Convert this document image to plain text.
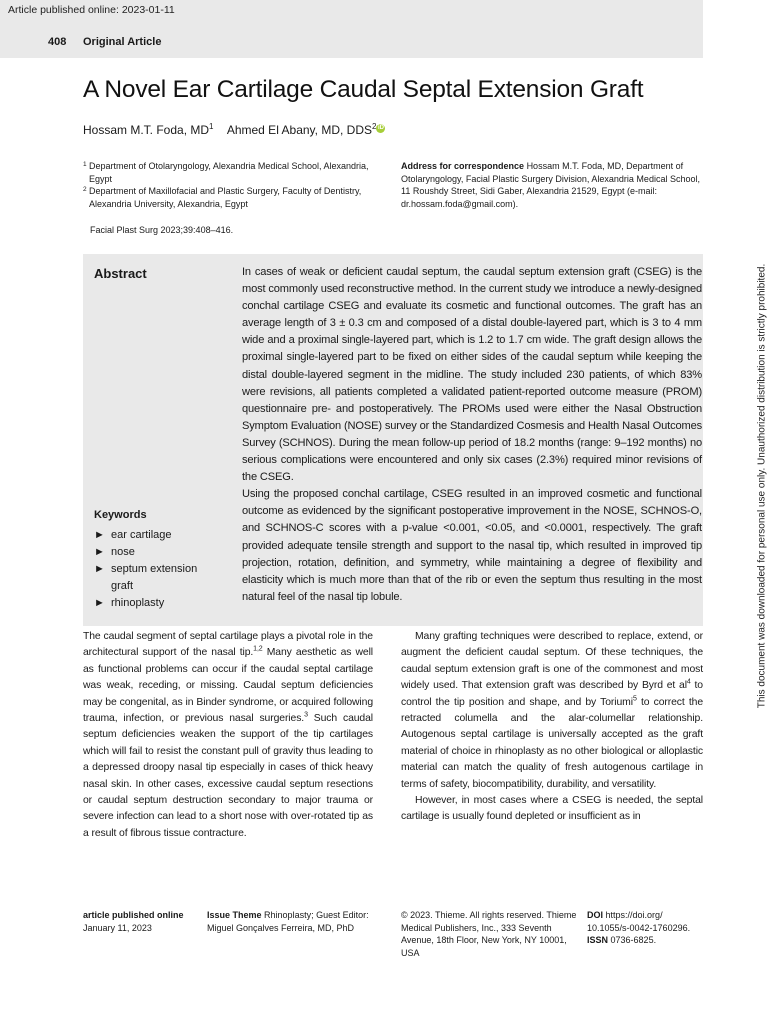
Article published online: 2023-01-11
408 Original Article
A Novel Ear Cartilage Caudal Septal Extension Graft
Hossam M.T. Foda, $MD^1$ Ahmed El Abany, MD, DDS$^2$ iD
1 Department of Otolaryngology, Alexandria Medical School, Alexandria, Egypt
2 Department of Maxillofacial and Plastic Surgery, Faculty of Dentistry, Alexandria University, Alexandria, Egypt
Address for correspondence Hossam M.T. Foda, MD, Department of Otolaryngology, Facial Plastic Surgery Division, Alexandria Medical School, 11 Roushdy Street, Sidi Gaber, Alexandria 21529, Egypt (e-mail: dr.hossam.foda@gmail.com).
Facial Plast Surg 2023;39:408–416.
Abstract	In cases of weak or deficient caudal septum, the caudal septum extension graft (CSEG) is the most commonly used reconstructive method. In the current study we introduce a newly-designed conchal cartilage CSEG and evaluate its cosmetic and functional outcomes. The graft has an average length of 3 ± 0.3 cm and composed of a distal double-layered part, which is 3 to 4 mm wide and a proximal single-layered part, which is 1.2 to 1.7 cm wide. The graft design allows the proximal single-layered part to be fixed on either sides of the caudal septum while keeping the distal double-layered segment in the midline. The study included 230 patients, of which 83% were revisions, all patients completed a validated patient-reported outcome measure (PROM) questionnaire pre- and postoperatively. The PROMs used were either the Nasal Obstruction Symptom Evaluation (NOSE) survey or the Standardized Cosmesis and Health Nasal Outcomes Survey (SCHNOS). During the mean follow-up period of 18.2 months (range: 9–192 months) no serious complications were encountered and only six cases (2.3%) required minor revisions of the CSEG.

Using the proposed conchal cartilage, CSEG resulted in an improved cosmetic and functional outcome as evidenced by the significant postoperative improvement in the NOSE, SCHNOS-O, and SCHNOS-C scores with a p-value <0.001, <0.05, and <0.0001, respectively. The graft provided adequate tensile strength and support to the nasal tip, which resulted in improved tip projection, rotation, definition, and symmetry, while maintaining a degree of flexibility and elasticity which is much more than that of the rib or even the septum thus resulting in the most natural feel of the nasal tip lobule.

Keywords
► ear cartilage
► nose
► septum extension
graft
► rhinoplasty

The caudal segment of septal cartilage plays a pivotal role in the architectural support of the nasal tip.$^{1,2}$ Many aesthetic as well as functional problems can occur if the caudal septal cartilage was weak, receding, or missing. Caudal septum deficiencies may be congenital, as in Binder syndrome, or acquired following trauma, infection, or previous nasal surgeries.$^3$ Such caudal septum deficiencies weaken the support of the tip cartilages which will fail to resist the constant pull of gravity thus leading to a depressed droopy nasal tip especially in cases of thick heavy nasal skin. In other cases, excessive caudal septum resections or caudal septum destruction secondary to major trauma or severe infection can lead to a short nose with over-rotated tip as a result of fibrous tissue contracture.

Many grafting techniques were described to replace, extend, or augment the deficient caudal septum. Of these techniques, the caudal septum extension graft is one of the commonest and most widely used. That extension graft was described by Byrd et $al^4$ to control the tip position and shape, and by Toriumi$^5$ to correct the retracted columella and the alar-columellar relationship. Autogenous septal cartilage is universally accepted as the graft material of choice in rhinoplasty as no other biological or alloplastic material can match the quality of fresh autogenous cartilage in terms of safety, biocompatibility, durability, and versatility.

However, in most cases where a CSEG is needed, the septal cartilage is usually found depleted or insufficient as in

article published online
January 11, 2023
Issue Theme Rhinoplasty; Guest Editor: Miguel Gonçalves Ferreira, MD, PhD
© 2023. Thieme. All rights reserved. Thieme Medical Publishers, Inc., 333 Seventh Avenue, 18th Floor, New York, NY 10001, USA
DOI https://doi.org/ 10.1055/s-0042-1760296.
ISSN 0736-6825.
This document was downloaded for personal use only. Unauthorized distribution is strictly prohibited.
